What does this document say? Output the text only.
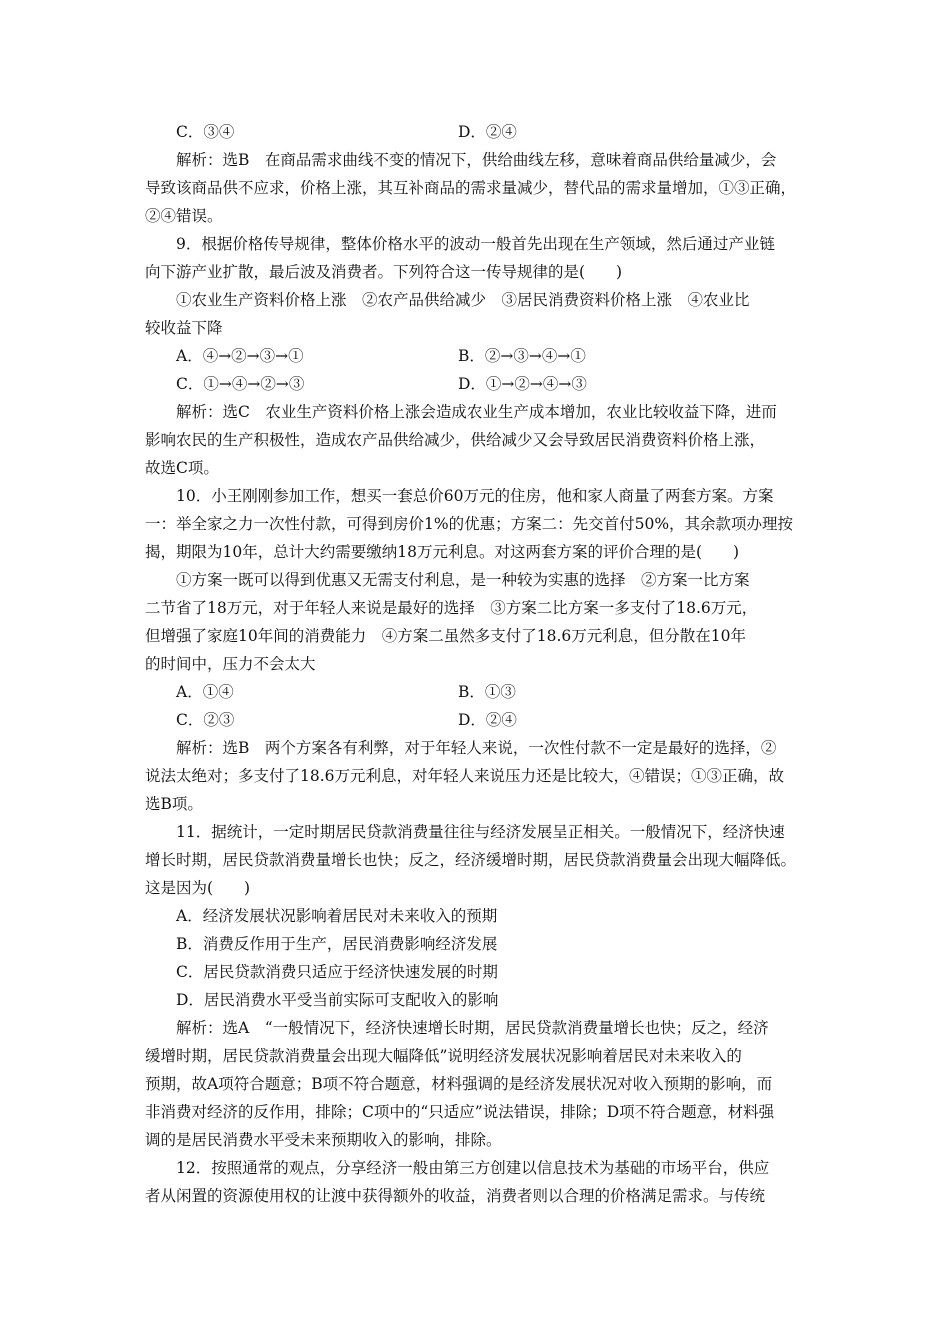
C．③④	D．②④
解析：选B　在商品需求曲线不变的情况下，供给曲线左移，意味着商品供给量减少，会
导致该商品供不应求，价格上涨，其互补商品的需求量减少，替代品的需求量增加，①③正确，
②④错误。
9．根据价格传导规律，整体价格水平的波动一般首先出现在生产领域，然后通过产业链
向下游产业扩散，最后波及消费者。下列符合这一传导规律的是(　　)
①农业生产资料价格上涨　②农产品供给减少　③居民消费资料价格上涨　④农业比
较收益下降
A．④→②→③→①	B．②→③→④→①
C．①→④→②→③	D．①→②→④→③
解析：选C　农业生产资料价格上涨会造成农业生产成本增加，农业比较收益下降，进而
影响农民的生产积极性，造成农产品供给减少，供给减少又会导致居民消费资料价格上涨，
故选C项。
10．小王刚刚参加工作，想买一套总价60万元的住房，他和家人商量了两套方案。方案
一：举全家之力一次性付款，可得到房价1%的优惠；方案二：先交首付50%，其余款项办理按
揭，期限为10年，总计大约需要缴纳18万元利息。对这两套方案的评价合理的是(　　)
①方案一既可以得到优惠又无需支付利息，是一种较为实惠的选择　②方案一比方案
二节省了18万元，对于年轻人来说是最好的选择　③方案二比方案一多支付了18.6万元，
但增强了家庭10年间的消费能力　④方案二虽然多支付了18.6万元利息，但分散在10年
的时间中，压力不会太大
A．①④	B．①③
C．②③	D．②④
解析：选B　两个方案各有利弊，对于年轻人来说，一次性付款不一定是最好的选择，②
说法太绝对；多支付了18.6万元利息，对年轻人来说压力还是比较大，④错误；①③正确，故
选B项。
11．据统计，一定时期居民贷款消费量往往与经济发展呈正相关。一般情况下，经济快速
增长时期，居民贷款消费量增长也快；反之，经济缓增时期，居民贷款消费量会出现大幅降低。
这是因为(　　)
A．经济发展状况影响着居民对未来收入的预期
B．消费反作用于生产，居民消费影响经济发展
C．居民贷款消费只适应于经济快速发展的时期
D．居民消费水平受当前实际可支配收入的影响
解析：选A　“一般情况下，经济快速增长时期，居民贷款消费量增长也快；反之，经济
缓增时期，居民贷款消费量会出现大幅降低”说明经济发展状况影响着居民对未来收入的
预期，故A项符合题意；B项不符合题意，材料强调的是经济发展状况对收入预期的影响，而
非消费对经济的反作用，排除；C项中的“只适应”说法错误，排除；D项不符合题意，材料强
调的是居民消费水平受未来预期收入的影响，排除。
12．按照通常的观点，分享经济一般由第三方创建以信息技术为基础的市场平台，供应
者从闲置的资源使用权的让渡中获得额外的收益，消费者则以合理的价格满足需求。与传统
